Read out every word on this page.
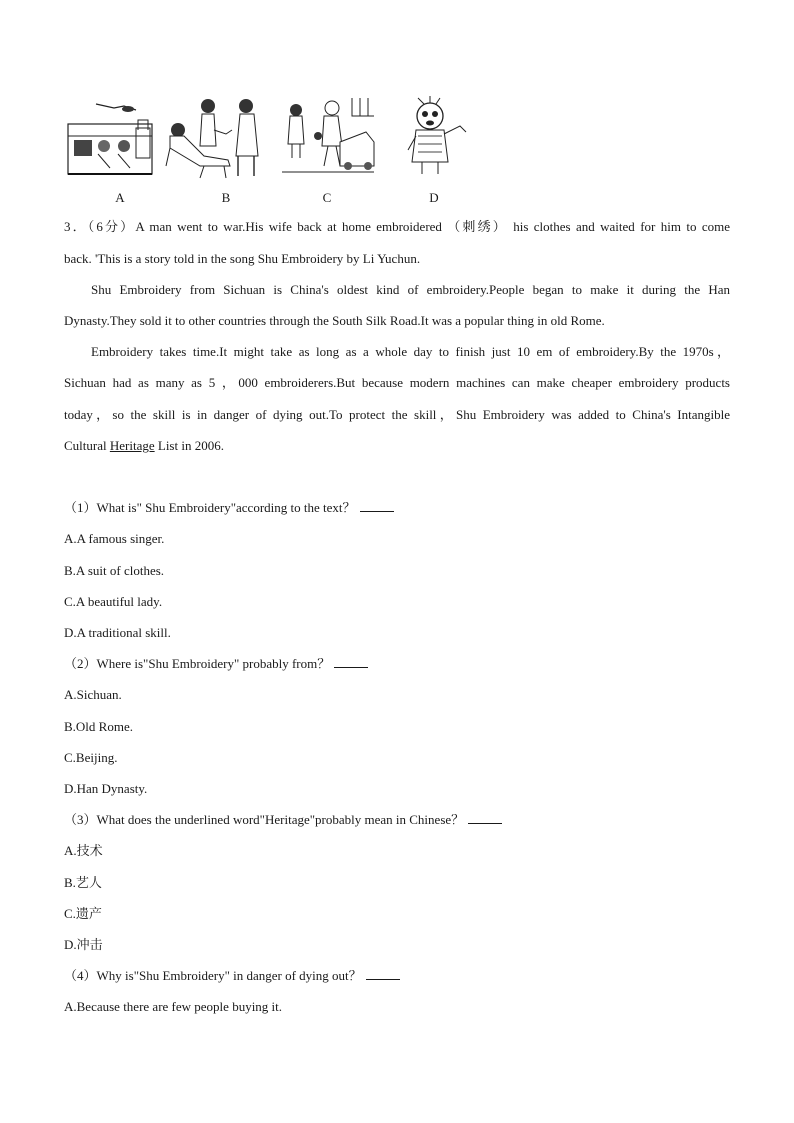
A	B	C	D
3．（6分）A man went to war.His wife back at home embroidered （刺绣） his clothes and waited for him to come
back. 'This is a story told in the song Shu Embroidery by Li Yuchun.
Shu Embroidery from Sichuan is China's oldest kind of embroidery.People began to make it during the Han
Dynasty.They sold it to other countries through the South Silk Road.It was a popular thing in old Rome.
Embroidery takes time.It might take as long as a whole day to finish just 10 em of embroidery.By the 1970s，
Sichuan had as many as 5 ，000 embroiderers.But because modern machines can make cheaper embroidery products
today，so the skill is in danger of dying out.To protect the skill，Shu Embroidery was added to China's Intangible
Cultural Heritage List in 2006.
（1）What is" Shu Embroidery"according to the text？
A.A famous singer.
B.A suit of clothes.
C.A beautiful lady.
D.A traditional skill.
（2）Where is"Shu Embroidery" probably from？
A.Sichuan.
B.Old Rome.
C.Beijing.
D.Han Dynasty.
（3）What does the underlined word"Heritage"probably mean in Chinese？
A.技术
B.艺人
C.遗产
D.冲击
（4）Why is"Shu Embroidery" in danger of dying out？
A.Because there are few people buying it.
